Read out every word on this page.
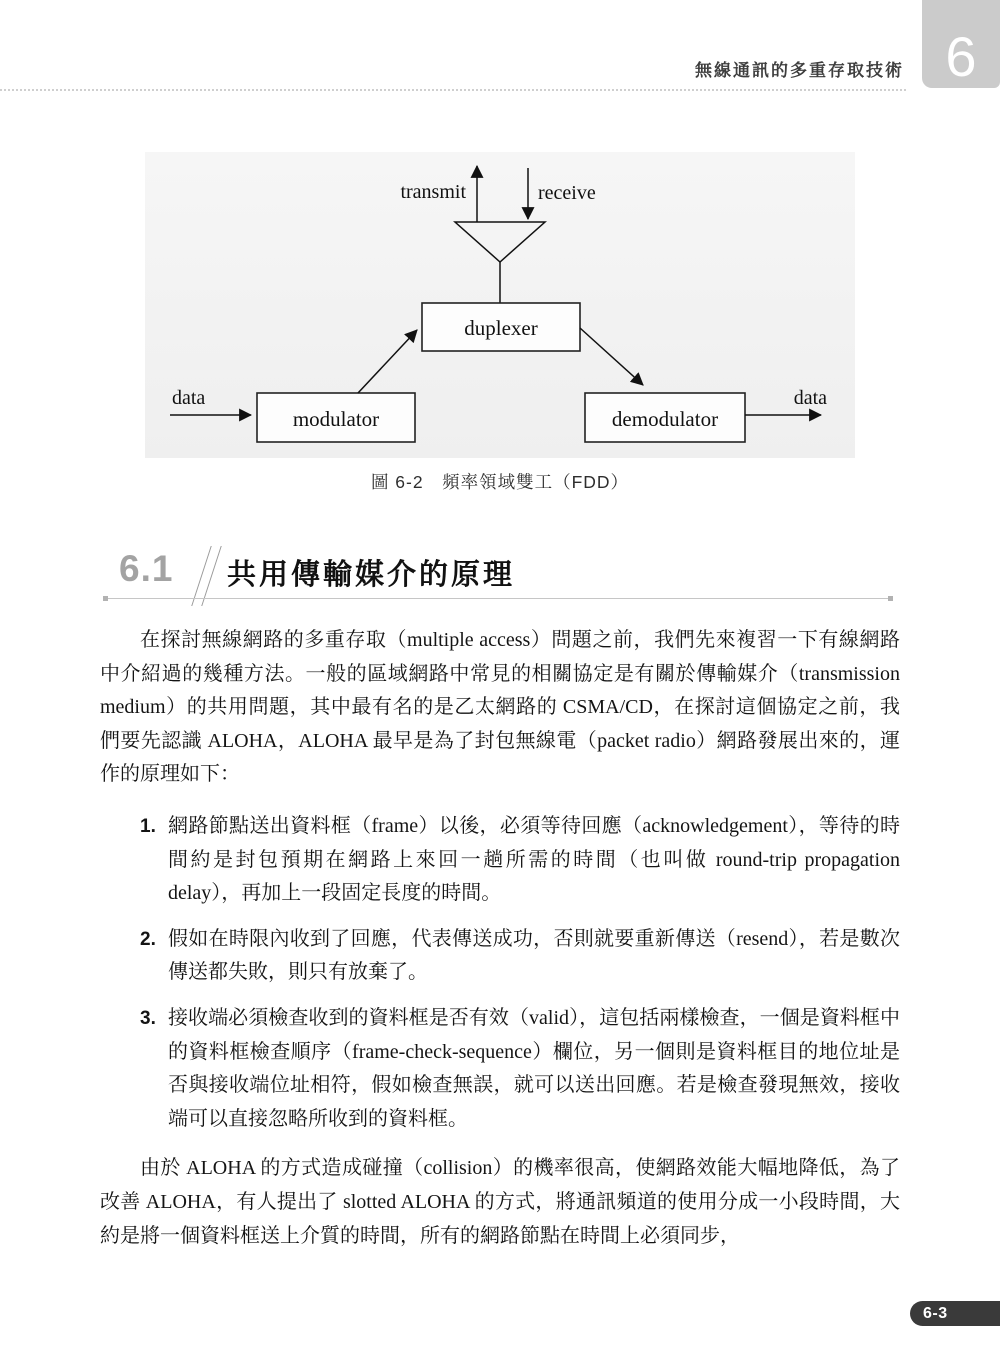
無線通訊的多重存取技術 6
transmit	receive
duplexer
modulator	demodulator
data	data
圖 6-2　頻率領域雙工（FDD）
6.1 共用傳輸媒介的原理

在探討無線網路的多重存取（multiple access）問題之前，我們先來複習一下有線網路中介紹過的幾種方法。一般的區域網路中常見的相關協定是有關於傳輸媒介（transmission medium）的共用問題，其中最有名的是乙太網路的 CSMA/CD，在探討這個協定之前，我們要先認識 ALOHA，ALOHA 最早是為了封包無線電（packet radio）網路發展出來的，運作的原理如下：

1. 網路節點送出資料框（frame）以後，必須等待回應（acknowledgement），等待的時間約是封包預期在網路上來回一趟所需的時間（也叫做 round-trip propagation delay），再加上一段固定長度的時間。
2. 假如在時限內收到了回應，代表傳送成功，否則就要重新傳送（resend），若是數次傳送都失敗，則只有放棄了。
3. 接收端必須檢查收到的資料框是否有效（valid），這包括兩樣檢查，一個是資料框中的資料框檢查順序（frame-check-sequence）欄位，另一個則是資料框目的地位址是否與接收端位址相符，假如檢查無誤，就可以送出回應。若是檢查發現無效，接收端可以直接忽略所收到的資料框。

由於 ALOHA 的方式造成碰撞（collision）的機率很高，使網路效能大幅地降低，為了改善 ALOHA，有人提出了 slotted ALOHA 的方式，將通訊頻道的使用分成一小段時間，大約是將一個資料框送上介質的時間，所有的網路節點在時間上必須同步，

6-3
